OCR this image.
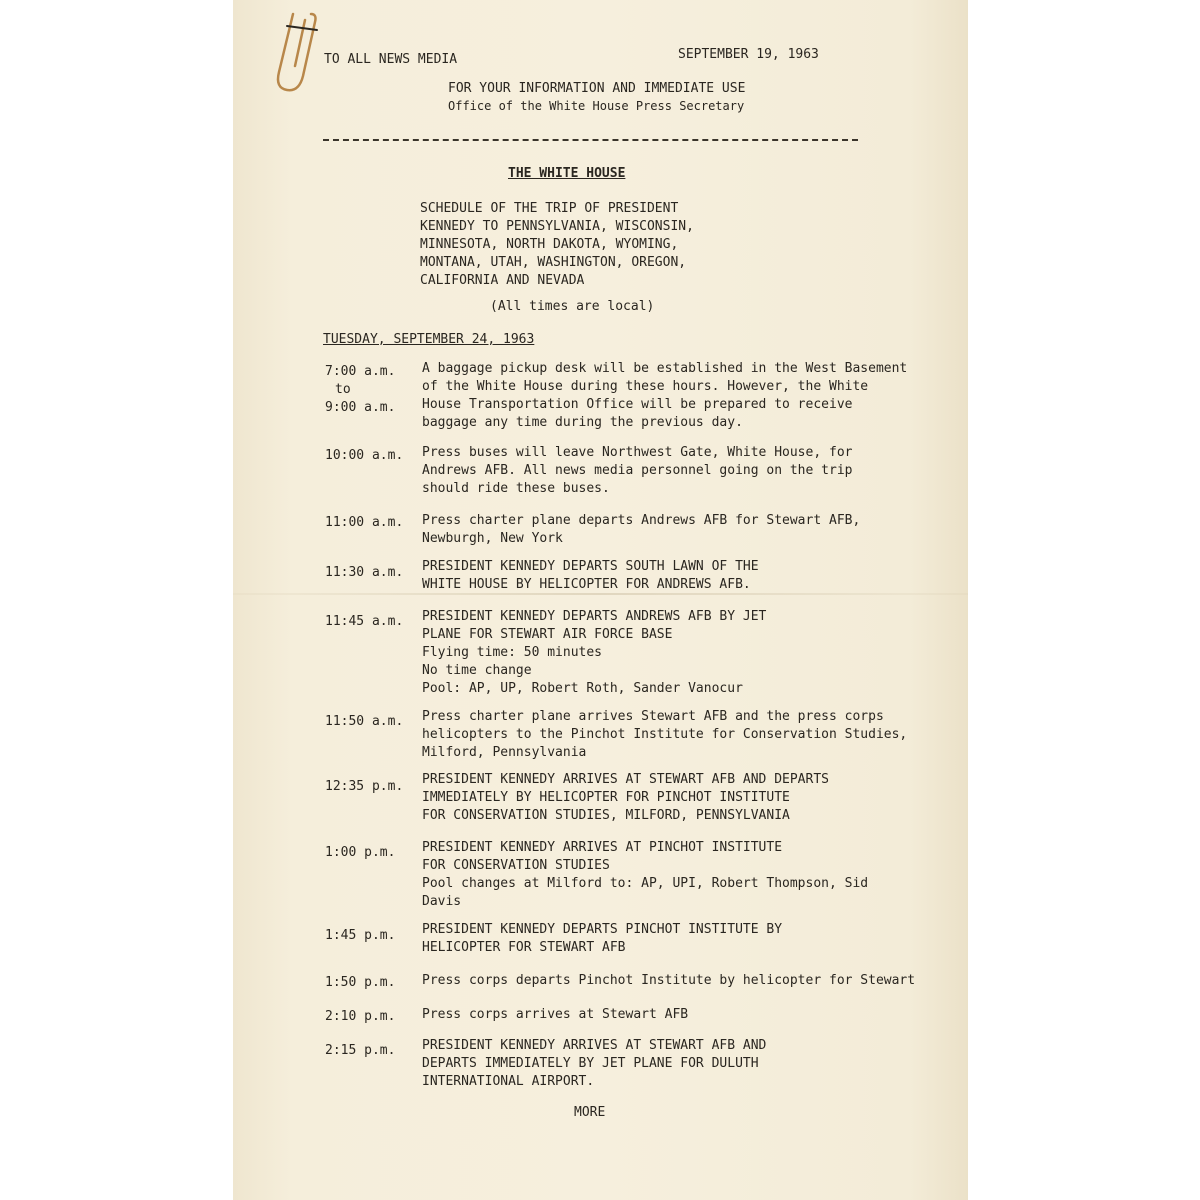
TO ALL NEWS MEDIA	SEPTEMBER 19, 1963
FOR YOUR INFORMATION AND IMMEDIATE USE
Office of the White House Press Secretary
THE WHITE HOUSE
SCHEDULE OF THE TRIP OF PRESIDENT
KENNEDY TO PENNSYLVANIA, WISCONSIN,
MINNESOTA, NORTH DAKOTA, WYOMING,
MONTANA, UTAH, WASHINGTON, OREGON,
CALIFORNIA AND NEVADA
(All times are local)
TUESDAY, SEPTEMBER 24, 1963
7:00 a.m.
to
9:00 a.m.
A baggage pickup desk will be established in the West Basement
of the White House during these hours. However, the White
House Transportation Office will be prepared to receive
baggage any time during the previous day.
10:00 a.m. Press buses will leave Northwest Gate, White House, for
Andrews AFB. All news media personnel going on the trip
should ride these buses.
11:00 a.m. Press charter plane departs Andrews AFB for Stewart AFB,
Newburgh, New York
11:30 a.m. PRESIDENT KENNEDY DEPARTS SOUTH LAWN OF THE
WHITE HOUSE BY HELICOPTER FOR ANDREWS AFB.
11:45 a.m. PRESIDENT KENNEDY DEPARTS ANDREWS AFB BY JET
PLANE FOR STEWART AIR FORCE BASE
Flying time: 50 minutes
No time change
Pool: AP, UP, Robert Roth, Sander Vanocur
11:50 a.m. Press charter plane arrives Stewart AFB and the press corps
helicopters to the Pinchot Institute for Conservation Studies,
Milford, Pennsylvania
12:35 p.m. PRESIDENT KENNEDY ARRIVES AT STEWART AFB AND DEPARTS
IMMEDIATELY BY HELICOPTER FOR PINCHOT INSTITUTE
FOR CONSERVATION STUDIES, MILFORD, PENNSYLVANIA
1:00 p.m. PRESIDENT KENNEDY ARRIVES AT PINCHOT INSTITUTE
FOR CONSERVATION STUDIES
Pool changes at Milford to: AP, UPI, Robert Thompson, Sid
Davis
1:45 p.m. PRESIDENT KENNEDY DEPARTS PINCHOT INSTITUTE BY
HELICOPTER FOR STEWART AFB
1:50 p.m. Press corps departs Pinchot Institute by helicopter for Stewart
2:10 p.m. Press corps arrives at Stewart AFB
2:15 p.m. PRESIDENT KENNEDY ARRIVES AT STEWART AFB AND
DEPARTS IMMEDIATELY BY JET PLANE FOR DULUTH
INTERNATIONAL AIRPORT.
MORE
